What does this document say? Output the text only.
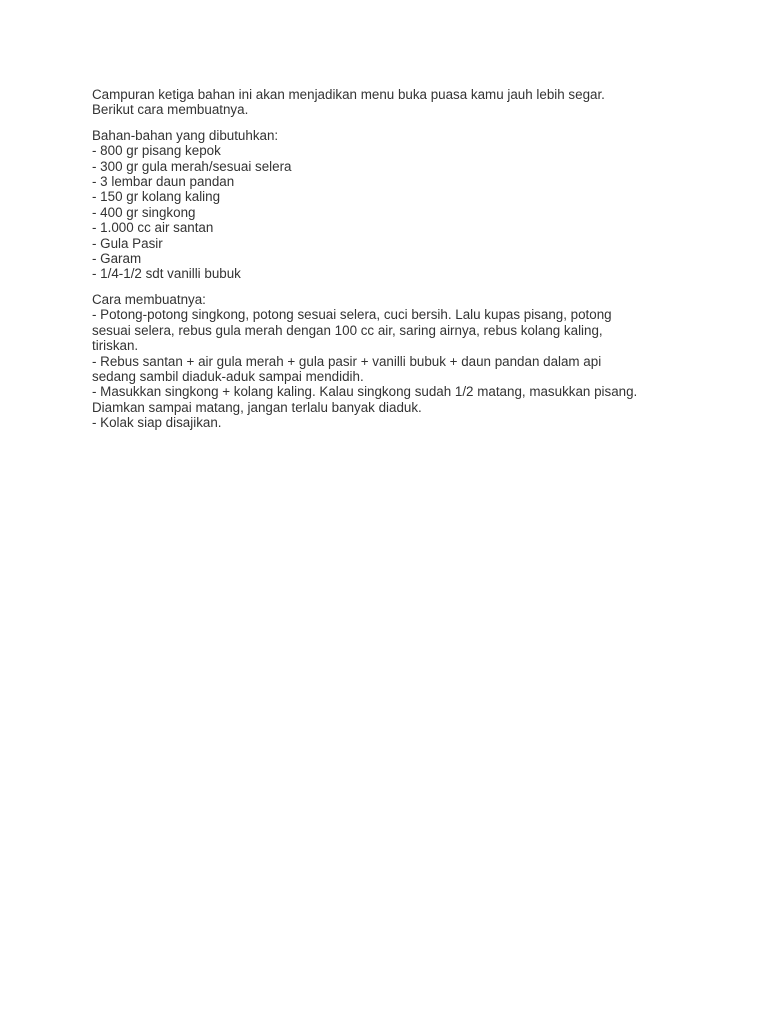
Campuran ketiga bahan ini akan menjadikan menu buka puasa kamu jauh lebih segar.
Berikut cara membuatnya.
Bahan-bahan yang dibutuhkan:
- 800 gr pisang kepok
- 300 gr gula merah/sesuai selera
- 3 lembar daun pandan
- 150 gr kolang kaling
- 400 gr singkong
- 1.000 cc air santan
- Gula Pasir
- Garam
- 1/4-1/2 sdt vanilli bubuk
Cara membuatnya:
- Potong-potong singkong, potong sesuai selera, cuci bersih. Lalu kupas pisang, potong
sesuai selera, rebus gula merah dengan 100 cc air, saring airnya, rebus kolang kaling,
tiriskan.
- Rebus santan + air gula merah + gula pasir + vanilli bubuk + daun pandan dalam api
sedang sambil diaduk-aduk sampai mendidih.
- Masukkan singkong + kolang kaling. Kalau singkong sudah 1/2 matang, masukkan pisang.
Diamkan sampai matang, jangan terlalu banyak diaduk.
- Kolak siap disajikan.
